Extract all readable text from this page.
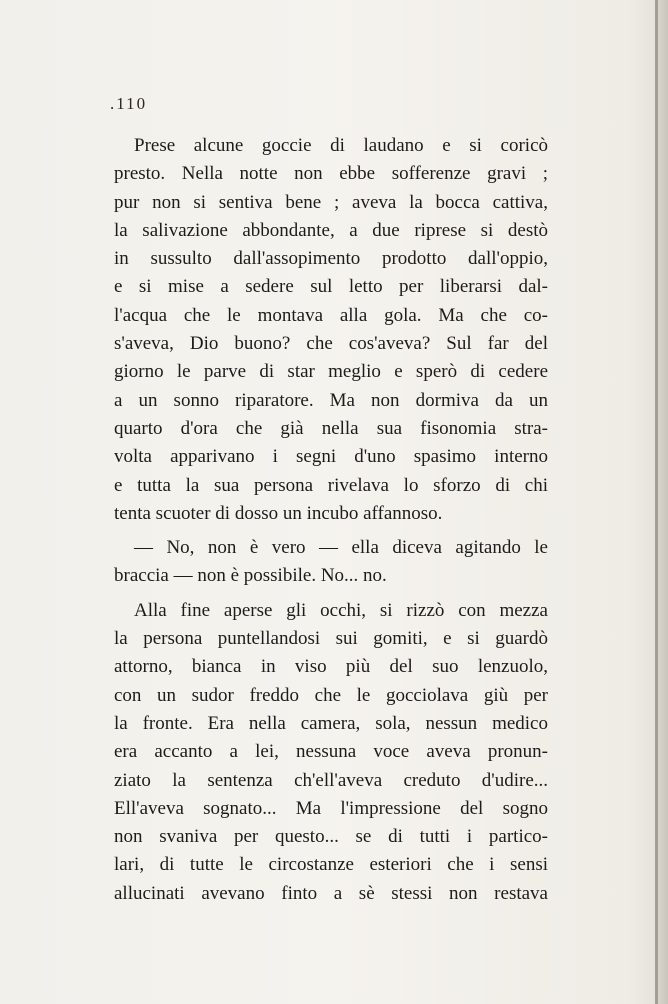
.110
Prese alcune goccie di laudano e si coricò
presto. Nella notte non ebbe sofferenze gravi ;
pur non si sentiva bene ; aveva la bocca cattiva,
la salivazione abbondante, a due riprese si destò
in sussulto dall'assopimento prodotto dall'oppio,
e si mise a sedere sul letto per liberarsi dal-
l'acqua che le montava alla gola. Ma che co-
s'aveva, Dio buono? che cos'aveva? Sul far del
giorno le parve di star meglio e sperò di cedere
a un sonno riparatore. Ma non dormiva da un
quarto d'ora che già nella sua fisonomia stra-
volta apparivano i segni d'uno spasimo interno
e tutta la sua persona rivelava lo sforzo di chi
tenta scuoter di dosso un incubo affannoso.
— No, non è vero — ella diceva agitando le
braccia — non è possibile. No... no.
Alla fine aperse gli occhi, si rizzò con mezza
la persona puntellandosi sui gomiti, e si guardò
attorno, bianca in viso più del suo lenzuolo,
con un sudor freddo che le gocciolava giù per
la fronte. Era nella camera, sola, nessun medico
era accanto a lei, nessuna voce aveva pronun-
ziato la sentenza ch'ell'aveva creduto d'udire...
Ell'aveva sognato... Ma l'impressione del sogno
non svaniva per questo... se di tutti i partico-
lari, di tutte le circostanze esteriori che i sensi
allucinati avevano finto a sè stessi non restava
